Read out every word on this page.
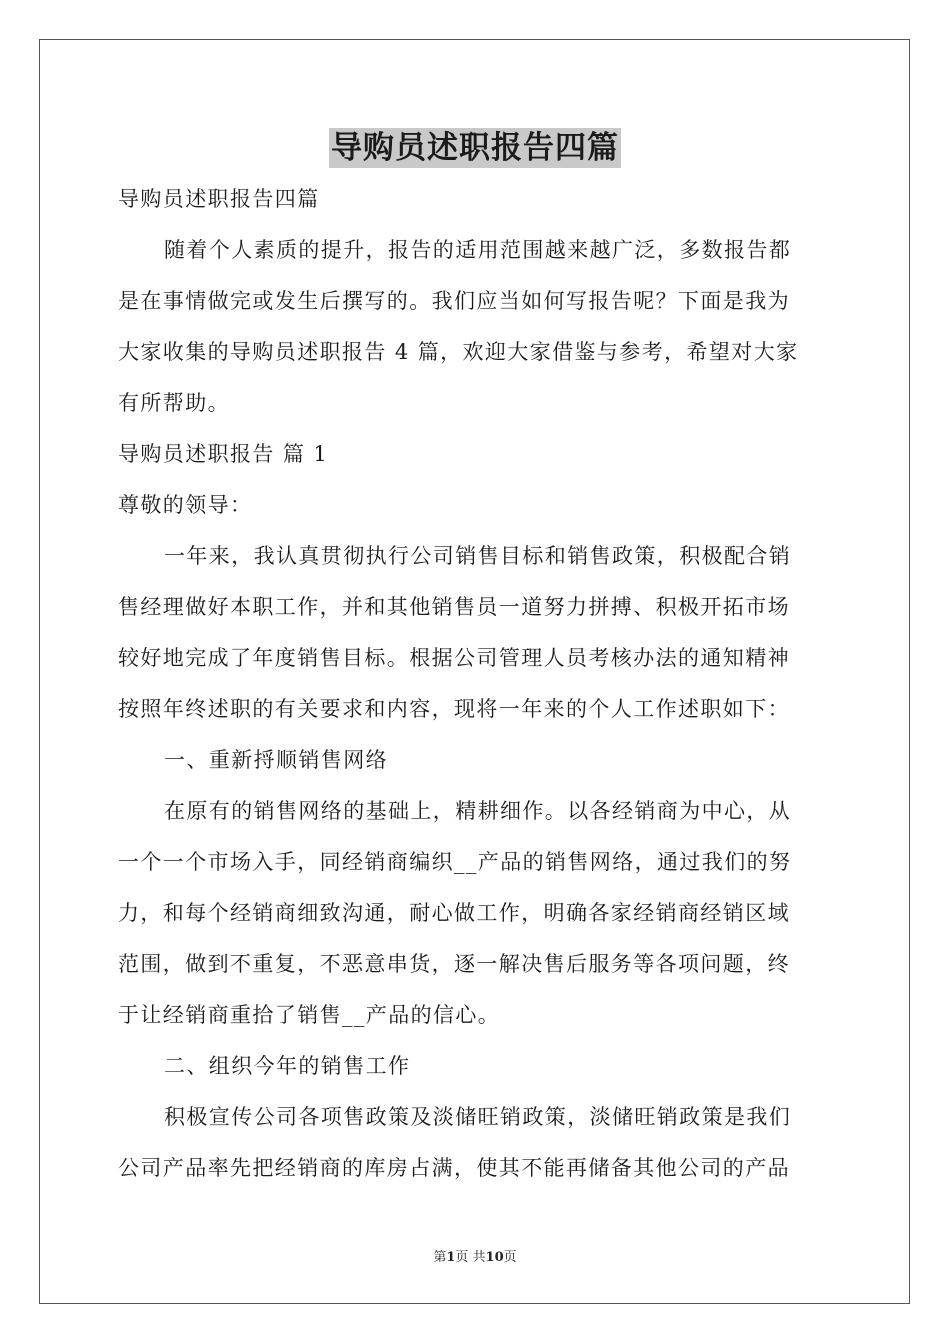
导购员述职报告四篇
导购员述职报告四篇
随着个人素质的提升，报告的适用范围越来越广泛，多数报告都
是在事情做完或发生后撰写的。我们应当如何写报告呢？下面是我为
大家收集的导购员述职报告 4 篇，欢迎大家借鉴与参考，希望对大家
有所帮助。
导购员述职报告 篇 1
尊敬的领导：
一年来，我认真贯彻执行公司销售目标和销售政策，积极配合销
售经理做好本职工作，并和其他销售员一道努力拼搏、积极开拓市场
较好地完成了年度销售目标。根据公司管理人员考核办法的通知精神
按照年终述职的有关要求和内容，现将一年来的个人工作述职如下：
一、重新捋顺销售网络
在原有的销售网络的基础上，精耕细作。以各经销商为中心，从
一个一个市场入手，同经销商编织__产品的销售网络，通过我们的努
力，和每个经销商细致沟通，耐心做工作，明确各家经销商经销区域
范围，做到不重复，不恶意串货，逐一解决售后服务等各项问题，终
于让经销商重拾了销售__产品的信心。
二、组织今年的销售工作
积极宣传公司各项售政策及淡储旺销政策，淡储旺销政策是我们
公司产品率先把经销商的库房占满，使其不能再储备其他公司的产品
第1页 共10页
